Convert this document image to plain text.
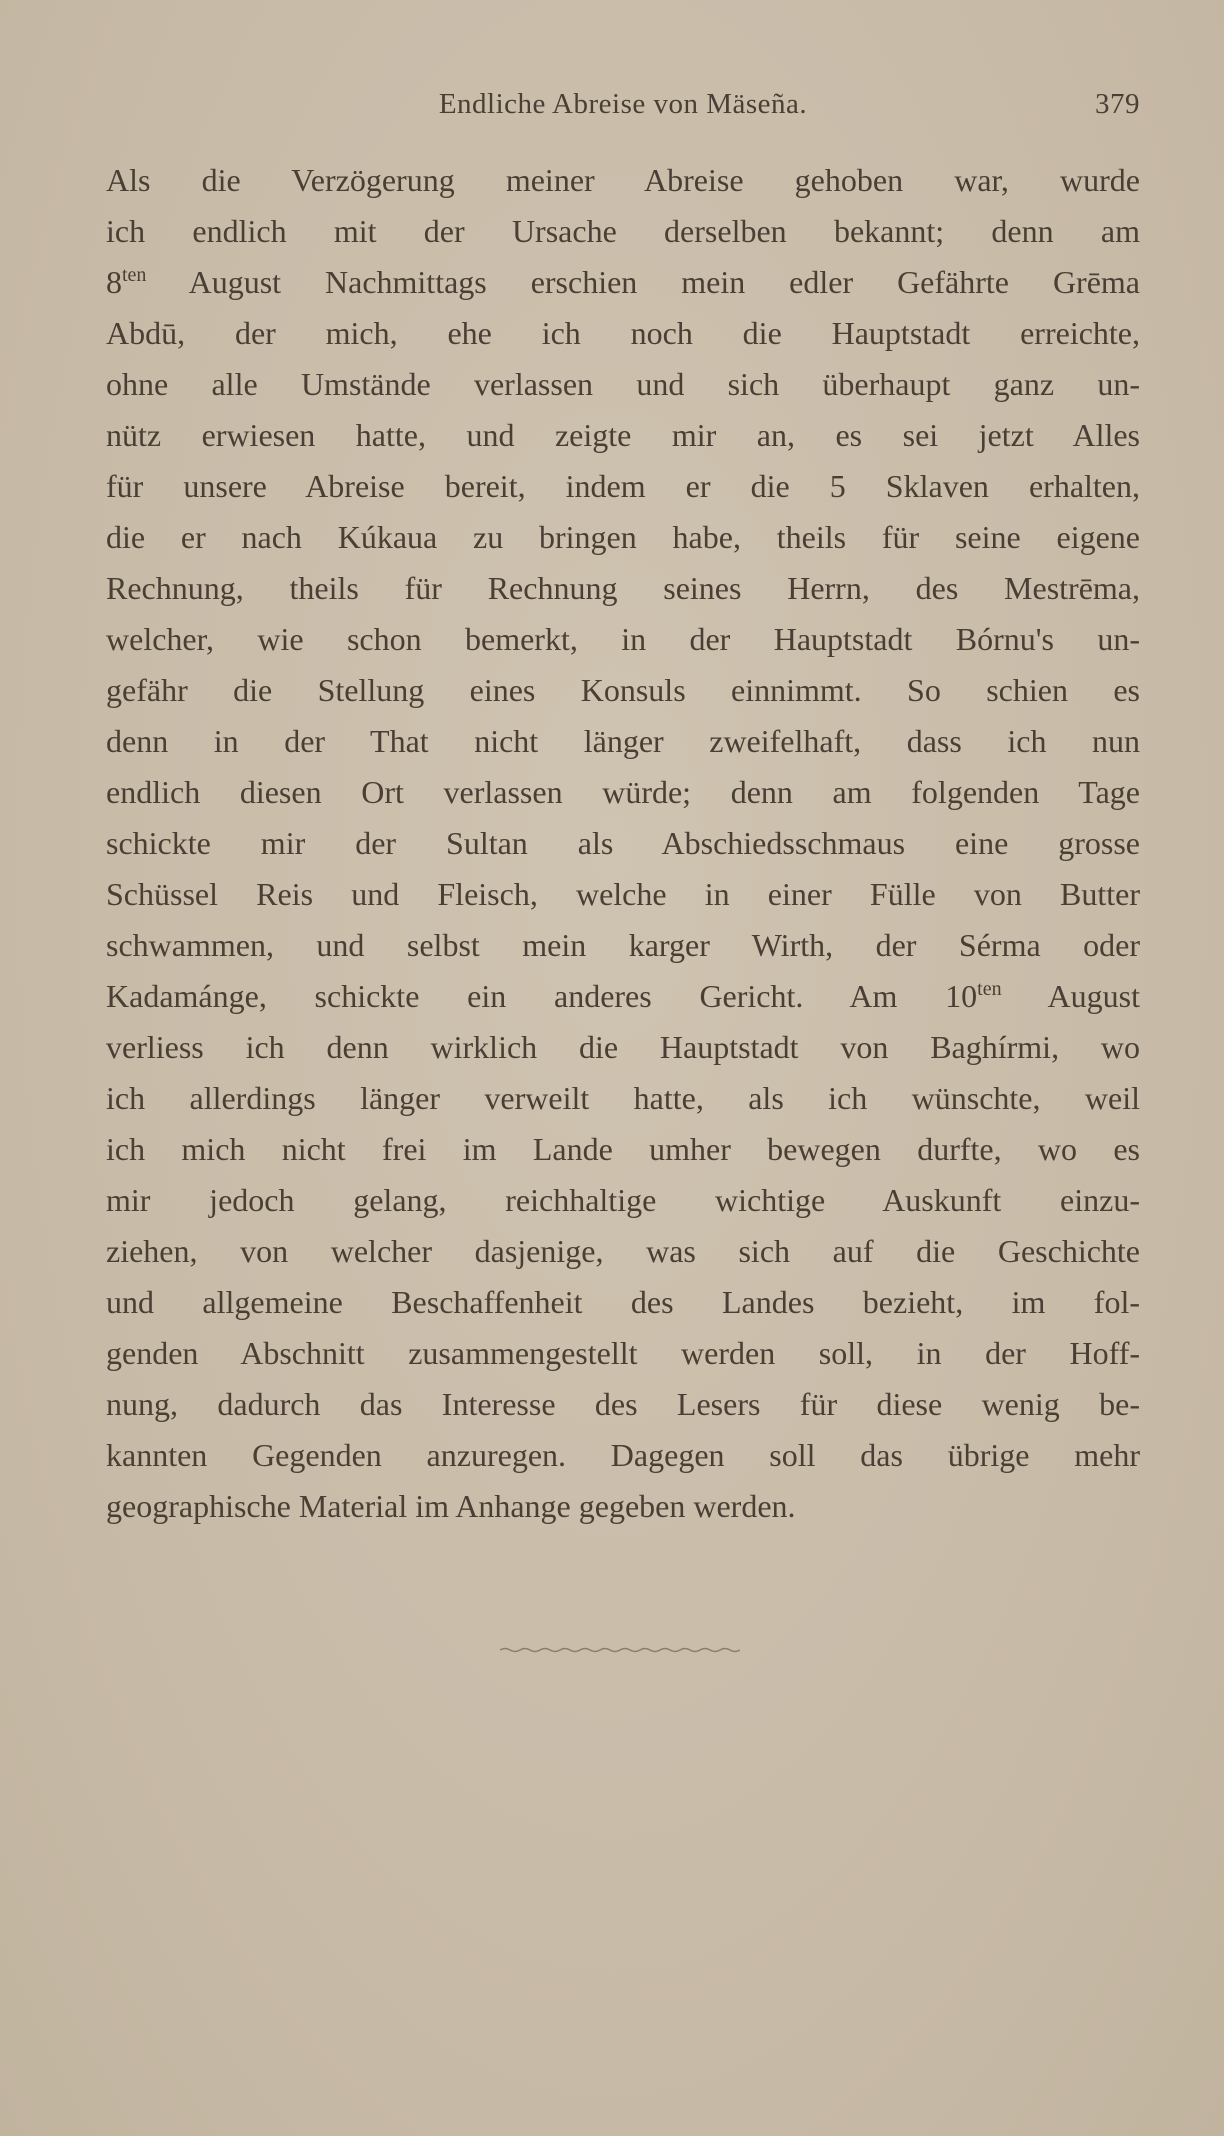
Endliche Abreise von Mäseña.	379
Als die Verzögerung meiner Abreise gehoben war, wurde
ich endlich mit der Ursache derselben bekannt; denn am
$8^{ten}$ August Nachmittags erschien mein edler Gefährte Grēma
Abdū, der mich, ehe ich noch die Hauptstadt erreichte,
ohne alle Umstände verlassen und sich überhaupt ganz un-
nütz erwiesen hatte, und zeigte mir an, es sei jetzt Alles
für unsere Abreise bereit, indem er die 5 Sklaven erhalten,
die er nach Kúkaua zu bringen habe, theils für seine eigene
Rechnung, theils für Rechnung seines Herrn, des Mestrēma,
welcher, wie schon bemerkt, in der Hauptstadt Bórnu's un-
gefähr die Stellung eines Konsuls einnimmt. So schien es
denn in der That nicht länger zweifelhaft, dass ich nun
endlich diesen Ort verlassen würde; denn am folgenden Tage
schickte mir der Sultan als Abschiedsschmaus eine grosse
Schüssel Reis und Fleisch, welche in einer Fülle von Butter
schwammen, und selbst mein karger Wirth, der Sérma oder
Kadamánge, schickte ein anderes Gericht. Am $10^{ten}$ August
verliess ich denn wirklich die Hauptstadt von Baghírmi, wo
ich allerdings länger verweilt hatte, als ich wünschte, weil
ich mich nicht frei im Lande umher bewegen durfte, wo es
mir jedoch gelang, reichhaltige wichtige Auskunft einzu-
ziehen, von welcher dasjenige, was sich auf die Geschichte
und allgemeine Beschaffenheit des Landes bezieht, im fol-
genden Abschnitt zusammengestellt werden soll, in der Hoff-
nung, dadurch das Interesse des Lesers für diese wenig be-
kannten Gegenden anzuregen. Dagegen soll das übrige mehr
geographische Material im Anhange gegeben werden.
